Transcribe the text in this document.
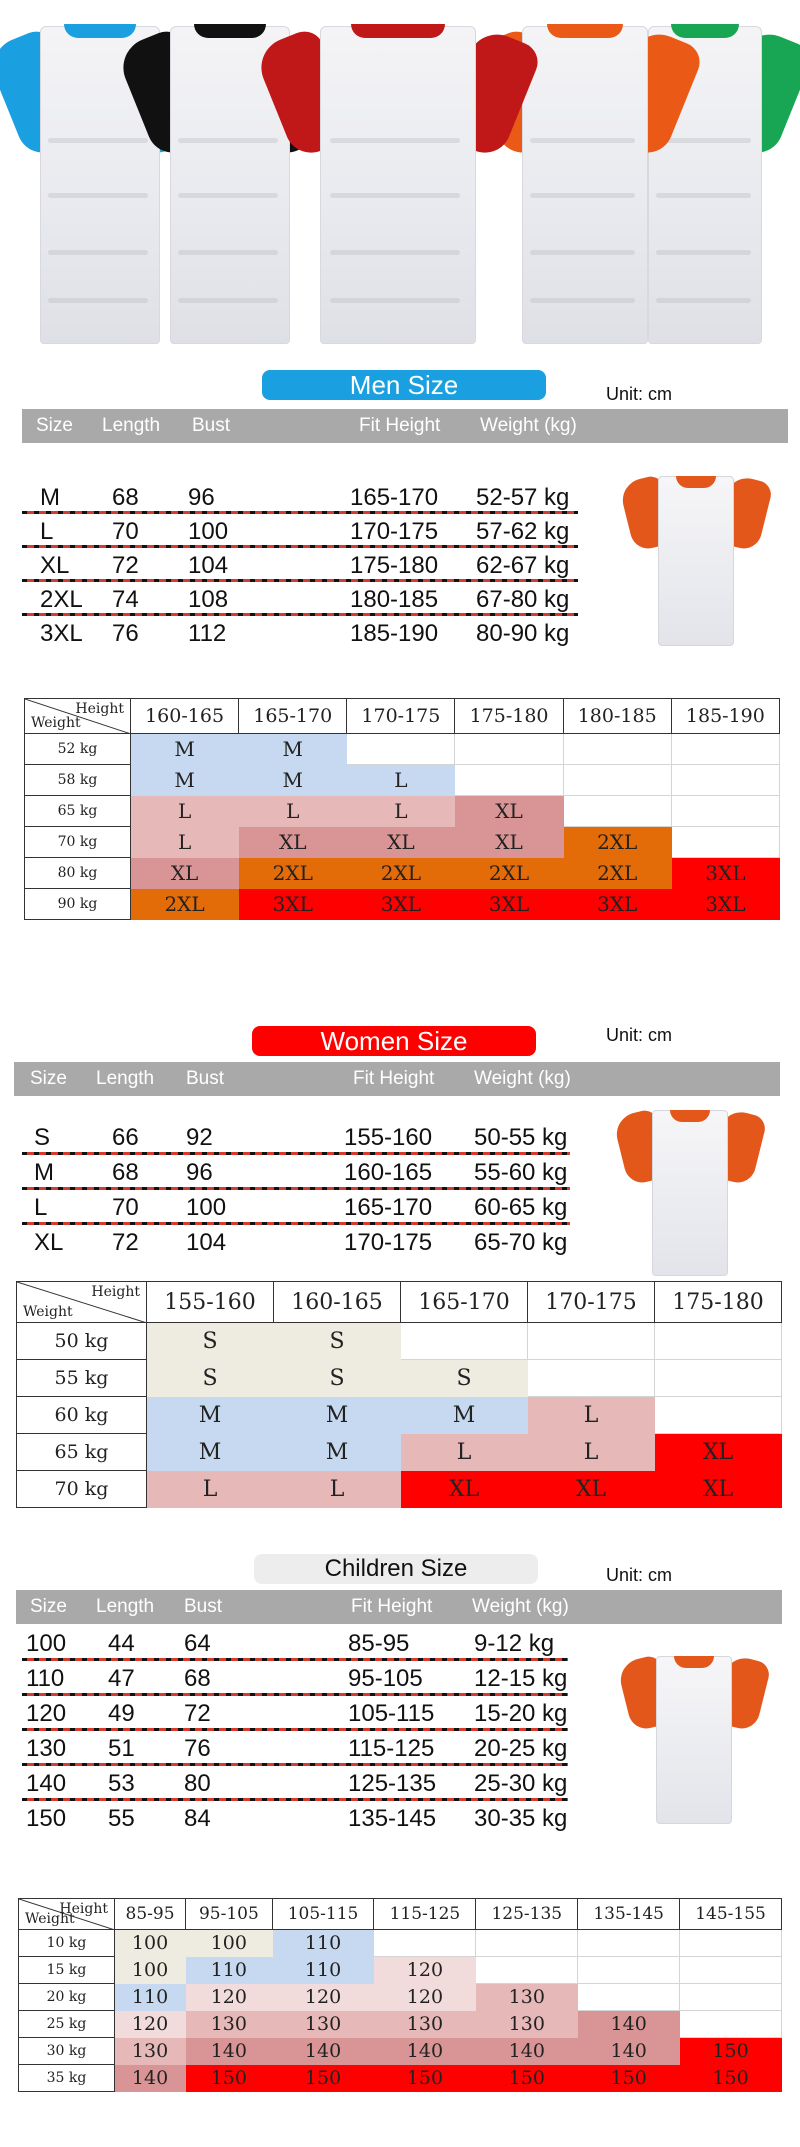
Men Size	Unit: cm
Size Length Bust	Fit Height Weight (kg)
M 68 96	165-170 52-57 kg
L 70 100	170-175 57-62 kg
XL 72 104	175-180 62-67 kg
2XL 74 108	180-185 67-80 kg
3XL 76 112	185-190 80-90 kg
Height
Weight	160-165	165-170	170-175	175-180	180-185	185-190
52 kg	M	M				
58 kg	M	M	L			
65 kg	L	L	L	XL		
70 kg	L	XL	XL	XL	2XL	
80 kg	XL	2XL	2XL	2XL	2XL	3XL
90 kg	2XL	3XL	3XL	3XL	3XL	3XL
Women Size	Unit: cm
Size Length Bust	Fit Height Weight (kg)
S	66 92	155-160 50-55 kg
M 68 96	160-165 55-60 kg
L	70 100	165-170 60-65 kg
XL 72 104	170-175 65-70 kg
Height
Weight	155-160	160-165	165-170	170-175	175-180
50 kg	S	S			
55 kg	S	S	S		
60 kg	M	M	M	L	
65 kg	M	M	L	L	XL
70 kg	L	L	XL	XL	XL
Children Size	Unit: cm
Size Length Bust	Fit Height Weight (kg)
100 44 64	85-95	9-12 kg
110 47 68	95-105 12-15 kg
120 49 72	105-115 15-20 kg
130 51 76	115-125 20-25 kg
140 53 80	125-135 25-30 kg
150 55 84	135-145 30-35 kg
Height
Weight	85-95	95-105	105-115	115-125	125-135	135-145	145-155
10 kg	100	100	110				
15 kg	100	110	110	120			
20 kg	110	120	120	120	130		
25 kg	120	130	130	130	130	140	
30 kg	130	140	140	140	140	140	150
35 kg	140	150	150	150	150	150	150
